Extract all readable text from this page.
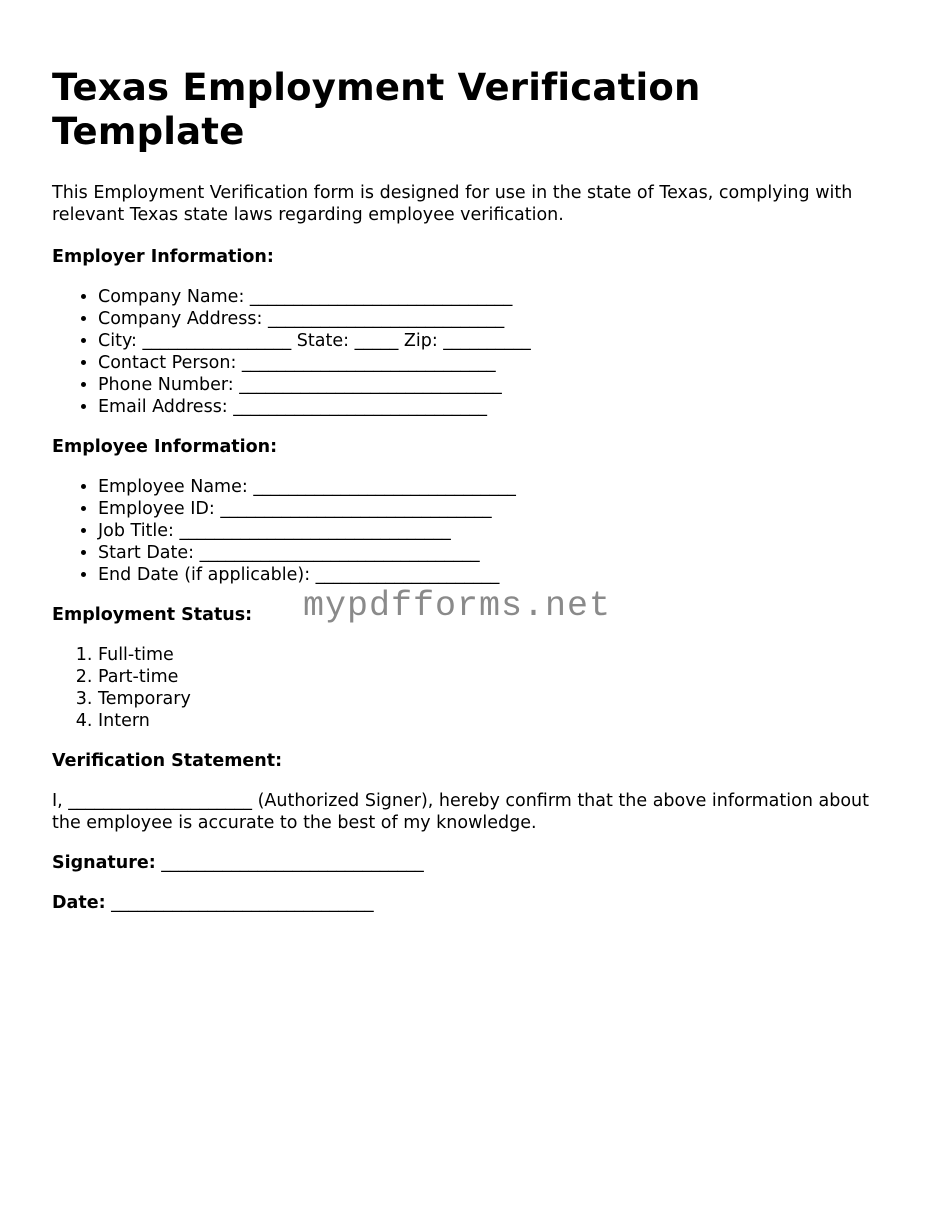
Texas Employment Verification Template

This Employment Verification form is designed for use in the state of Texas, complying with relevant Texas state laws regarding employee verification.

Employer Information:
• Company Name: ______________________________
• Company Address: ___________________________
• City: _________________ State: _____ Zip: __________
• Contact Person: _____________________________
• Phone Number: ______________________________
• Email Address: _____________________________
Employee Information:
• Employee Name: ______________________________
• Employee ID: _______________________________
• Job Title: _______________________________
• Start Date: ________________________________
• End Date (if applicable): _____________________
Employment Status:	mypdfforms.net
1. Full-time
2. Part-time
3. Temporary
4. Intern
Verification Statement:

I, _____________________ (Authorized Signer), hereby confirm that the above information about the employee is accurate to the best of my knowledge.

Signature: ______________________________
Date: ______________________________
